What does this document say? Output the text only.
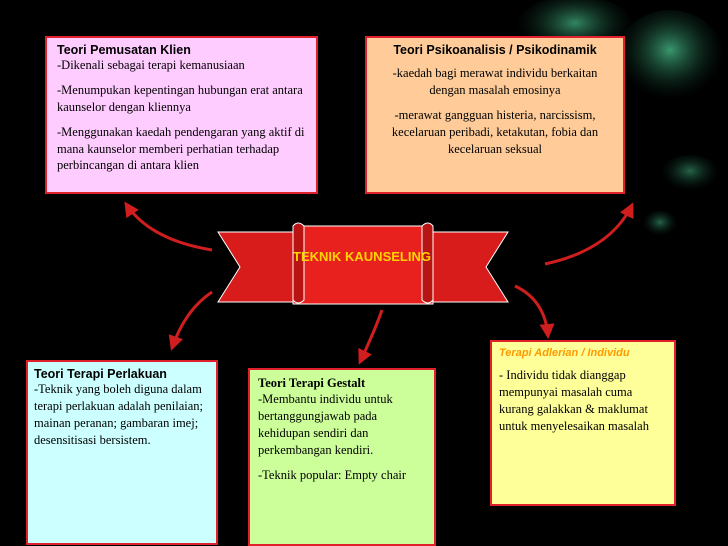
TEKNIK KAUNSELING
Teori Pemusatan Klien
-Dikenali sebagai terapi kemanusiaan
-Menumpukan kepentingan hubungan erat antara kaunselor dengan kliennya
-Menggunakan kaedah pendengaran yang aktif di mana kaunselor memberi perhatian terhadap perbincangan di antara klien
Teori Psikoanalisis / Psikodinamik
-kaedah bagi merawat individu berkaitan dengan masalah emosinya
-merawat gangguan histeria, narcissism, kecelaruan peribadi, ketakutan, fobia dan kecelaruan seksual
Teori Terapi Perlakuan
-Teknik yang boleh diguna dalam terapi perlakuan adalah penilaian; mainan peranan; gambaran imej; desensitisasi bersistem.
Teori Terapi Gestalt
-Membantu individu untuk bertanggungjawab pada kehidupan sendiri dan perkembangan kendiri.
-Teknik popular: Empty chair
Terapi Adlerian / Individu
- Individu tidak dianggap mempunyai masalah cuma kurang galakkan & maklumat untuk menyelesaikan masalah
